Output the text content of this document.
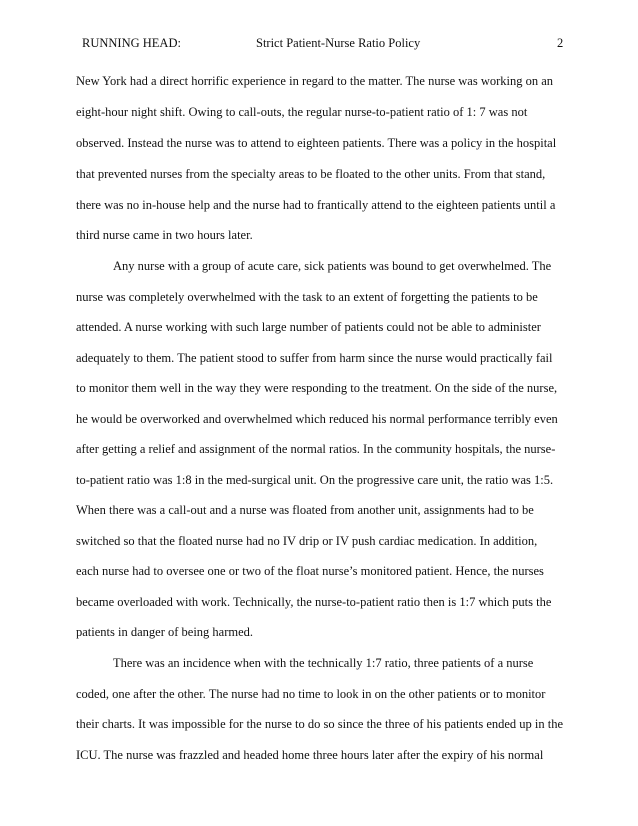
RUNNING HEAD:	Strict Patient-Nurse Ratio Policy	2
New York had a direct horrific experience in regard to the matter. The nurse was working on an
eight-hour night shift. Owing to call-outs, the regular nurse-to-patient ratio of 1: 7 was not
observed. Instead the nurse was to attend to eighteen patients. There was a policy in the hospital
that prevented nurses from the specialty areas to be floated to the other units. From that stand,
there was no in-house help and the nurse had to frantically attend to the eighteen patients until a
third nurse came in two hours later.
Any nurse with a group of acute care, sick patients was bound to get overwhelmed. The
nurse was completely overwhelmed with the task to an extent of forgetting the patients to be
attended. A nurse working with such large number of patients could not be able to administer
adequately to them. The patient stood to suffer from harm since the nurse would practically fail
to monitor them well in the way they were responding to the treatment. On the side of the nurse,
he would be overworked and overwhelmed which reduced his normal performance terribly even
after getting a relief and assignment of the normal ratios. In the community hospitals, the nurse-
to-patient ratio was 1:8 in the med-surgical unit. On the progressive care unit, the ratio was 1:5.
When there was a call-out and a nurse was floated from another unit, assignments had to be
switched so that the floated nurse had no IV drip or IV push cardiac medication. In addition,
each nurse had to oversee one or two of the float nurse’s monitored patient. Hence, the nurses
became overloaded with work. Technically, the nurse-to-patient ratio then is 1:7 which puts the
patients in danger of being harmed.
There was an incidence when with the technically 1:7 ratio, three patients of a nurse
coded, one after the other. The nurse had no time to look in on the other patients or to monitor
their charts. It was impossible for the nurse to do so since the three of his patients ended up in the
ICU. The nurse was frazzled and headed home three hours later after the expiry of his normal
